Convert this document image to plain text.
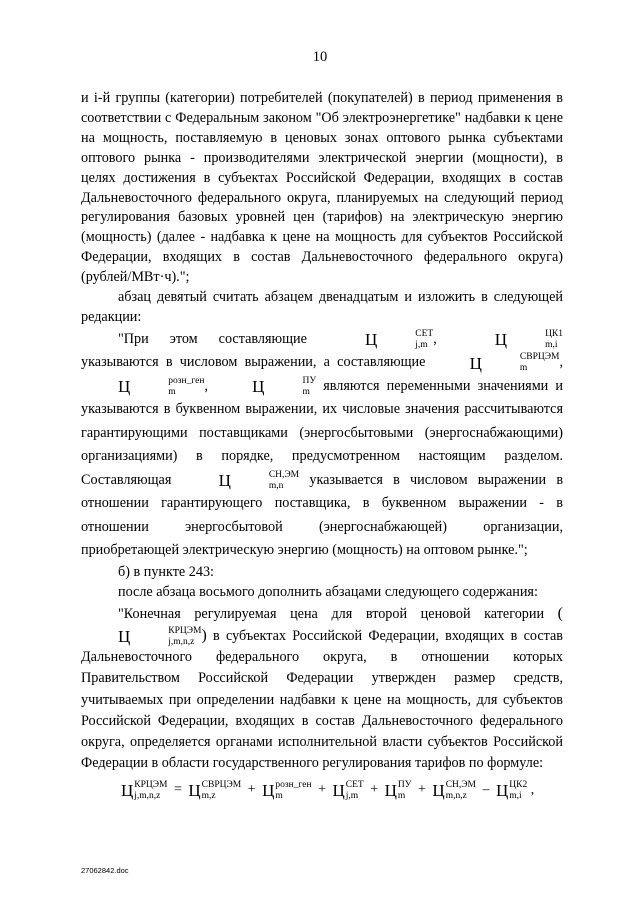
10

и i-й группы (категории) потребителей (покупателей) в период применения в соответствии с Федеральным законом "Об электроэнергетике" надбавки к цене на мощность, поставляемую в ценовых зонах оптового рынка субъектами оптового рынка - производителями электрической энергии (мощности), в целях достижения в субъектах Российской Федерации, входящих в состав Дальневосточного федерального округа, планируемых на следующий период регулирования базовых уровней цен (тарифов) на электрическую энергию (мощность) (далее - надбавка к цене на мощность для субъектов Российской Федерации, входящих в состав Дальневосточного федерального округа) (рублей/МВт·ч).";

абзац девятый считать абзацем двенадцатым и изложить в следующей редакции:

"При этом составляющие	Ц	СЕТ
j,m , Ц	ЦК1
m,i
указываются в числовом выражении, а составляющие	Ц	СВРЦЭМ
m	, Ц	розн_ген
m	, Ц	ПУ
m являются переменными значениями и указываются в буквенном выражении, их числовые значения рассчитываются гарантирующими поставщиками (энергосбытовыми (энергоснабжающими) организациями) в порядке, предусмотренном настоящим разделом. Составляющая	Ц	СН,ЭМ
m,n	указывается в числовом выражении в отношении гарантирующего поставщика, в буквенном выражении - в отношении энергосбытовой (энергоснабжающей) организации, приобретающей электрическую энергию (мощность) на оптовом рынке.";

б) в пункте 243:

после абзаца восьмого дополнить абзацами следующего содержания:

"Конечная регулируемая цена для второй ценовой категории (Ц	КРЦЭМ
j,m,n,z ) в субъектах Российской Федерации, входящих в состав Дальневосточного федерального округа, в отношении которых Правительством Российской Федерации утвержден размер средств, учитываемых при определении надбавки к цене на мощность, для субъектов Российской Федерации, входящих в состав Дальневосточного федерального округа, определяется органами исполнительной власти субъектов Российской Федерации в области государственного регулирования тарифов по формуле:

Ц КРЦЭМ
j,m,n,z = Ц СВРЦЭМ
m,z	+ Ц розн_ген
m	+ Ц СЕТ
j,m + Ц ПУ
m + Ц СН,ЭМ
m,n,z	– Ц ЦК2
m,i ,
27062842.doc
